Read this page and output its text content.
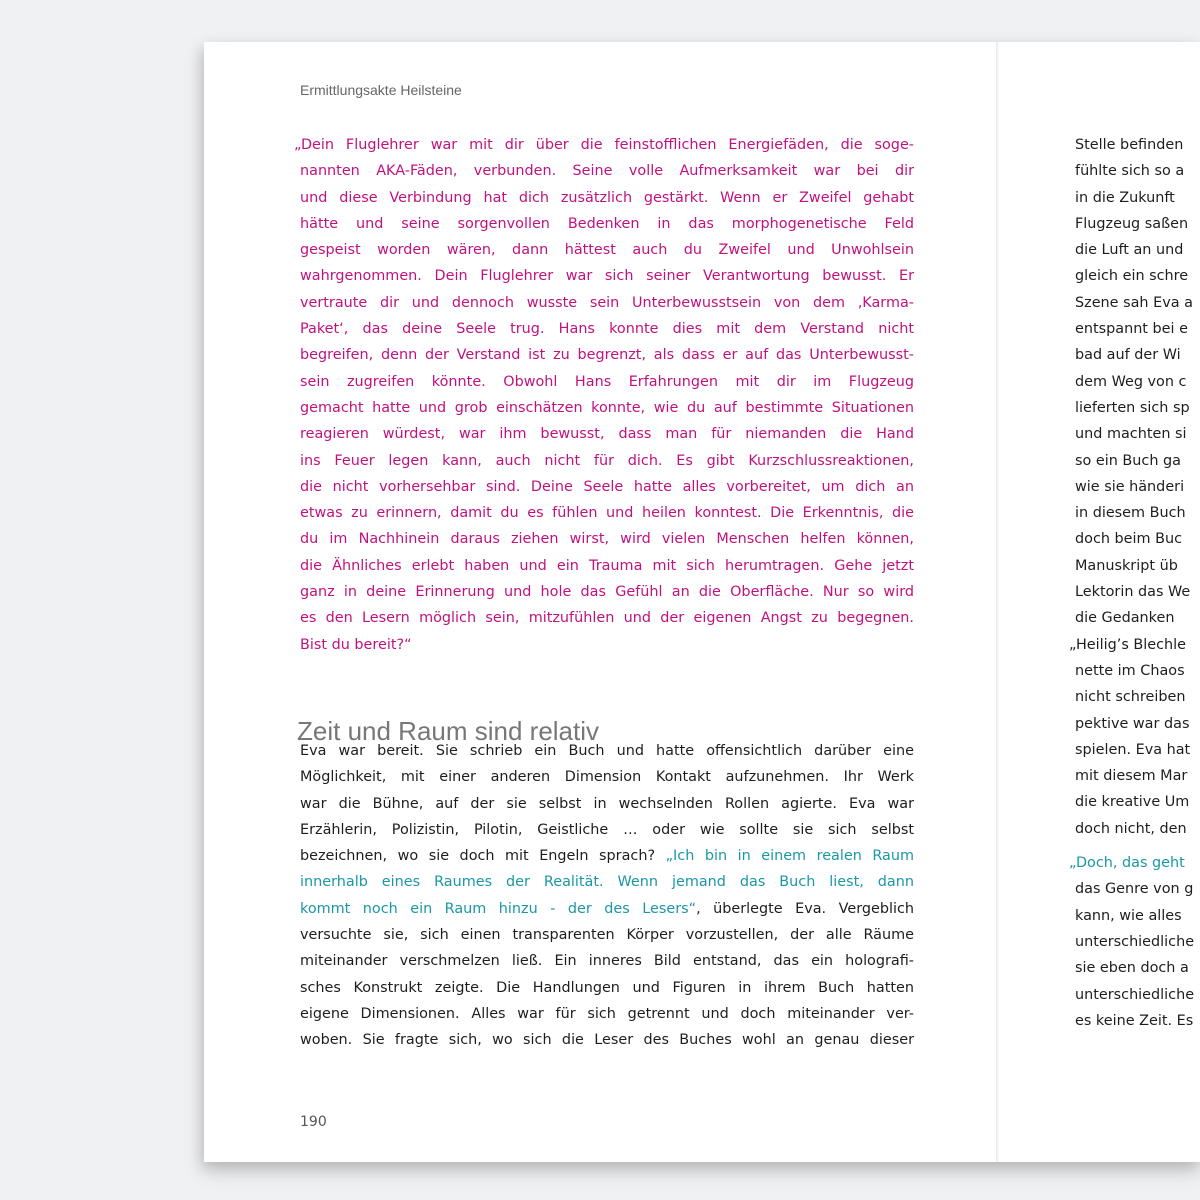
Ermittlungsakte Heilsteine
„Dein Fluglehrer war mit dir über die feinstofflichen Energiefäden, die soge-
nannten AKA-Fäden, verbunden. Seine volle Aufmerksamkeit war bei dir
und diese Verbindung hat dich zusätzlich gestärkt. Wenn er Zweifel gehabt
hätte und seine sorgenvollen Bedenken in das morphogenetische Feld
gespeist worden wären, dann hättest auch du Zweifel und Unwohlsein
wahrgenommen. Dein Fluglehrer war sich seiner Verantwortung bewusst. Er
vertraute dir und dennoch wusste sein Unterbewusstsein von dem ‚Karma-
Paket‘, das deine Seele trug. Hans konnte dies mit dem Verstand nicht
begreifen, denn der Verstand ist zu begrenzt, als dass er auf das Unterbewusst-
sein zugreifen könnte. Obwohl Hans Erfahrungen mit dir im Flugzeug
gemacht hatte und grob einschätzen konnte, wie du auf bestimmte Situationen
reagieren würdest, war ihm bewusst, dass man für niemanden die Hand
ins Feuer legen kann, auch nicht für dich. Es gibt Kurzschlussreaktionen,
die nicht vorhersehbar sind. Deine Seele hatte alles vorbereitet, um dich an
etwas zu erinnern, damit du es fühlen und heilen konntest. Die Erkenntnis, die
du im Nachhinein daraus ziehen wirst, wird vielen Menschen helfen können,
die Ähnliches erlebt haben und ein Trauma mit sich herumtragen. Gehe jetzt
ganz in deine Erinnerung und hole das Gefühl an die Oberfläche. Nur so wird
es den Lesern möglich sein, mitzufühlen und der eigenen Angst zu begegnen.
Bist du bereit?“
Zeit und Raum sind relativ
Eva war bereit. Sie schrieb ein Buch und hatte offensichtlich darüber eine
Möglichkeit, mit einer anderen Dimension Kontakt aufzunehmen. Ihr Werk
war die Bühne, auf der sie selbst in wechselnden Rollen agierte. Eva war
Erzählerin, Polizistin, Pilotin, Geistliche … oder wie sollte sie sich selbst
bezeichnen, wo sie doch mit Engeln sprach? „Ich bin in einem realen Raum
innerhalb eines Raumes der Realität. Wenn jemand das Buch liest, dann
kommt noch ein Raum hinzu - der des Lesers“, überlegte Eva. Vergeblich
versuchte sie, sich einen transparenten Körper vorzustellen, der alle Räume
miteinander verschmelzen ließ. Ein inneres Bild entstand, das ein holografi-
sches Konstrukt zeigte. Die Handlungen und Figuren in ihrem Buch hatten
eigene Dimensionen. Alles war für sich getrennt und doch miteinander ver-
woben. Sie fragte sich, wo sich die Leser des Buches wohl an genau dieser
190
Stelle befinden
fühlte sich so a
in die Zukunft
Flugzeug saßen
die Luft an und
gleich ein schre
Szene sah Eva a
entspannt bei e
bad auf der Wi
dem Weg von c
lieferten sich sp
und machten si
so ein Buch ga
wie sie händeri
in diesem Buch
doch beim Buc
Manuskript üb
Lektorin das We
die Gedanken
„Heilig’s Blechle
nette im Chaos
nicht schreiben
pektive war das
spielen. Eva hat
mit diesem Mar
die kreative Um
doch nicht, den
„Doch, das geht
das Genre von g
kann, wie alles
unterschiedliche
sie eben doch a
unterschiedliche
es keine Zeit. Es
